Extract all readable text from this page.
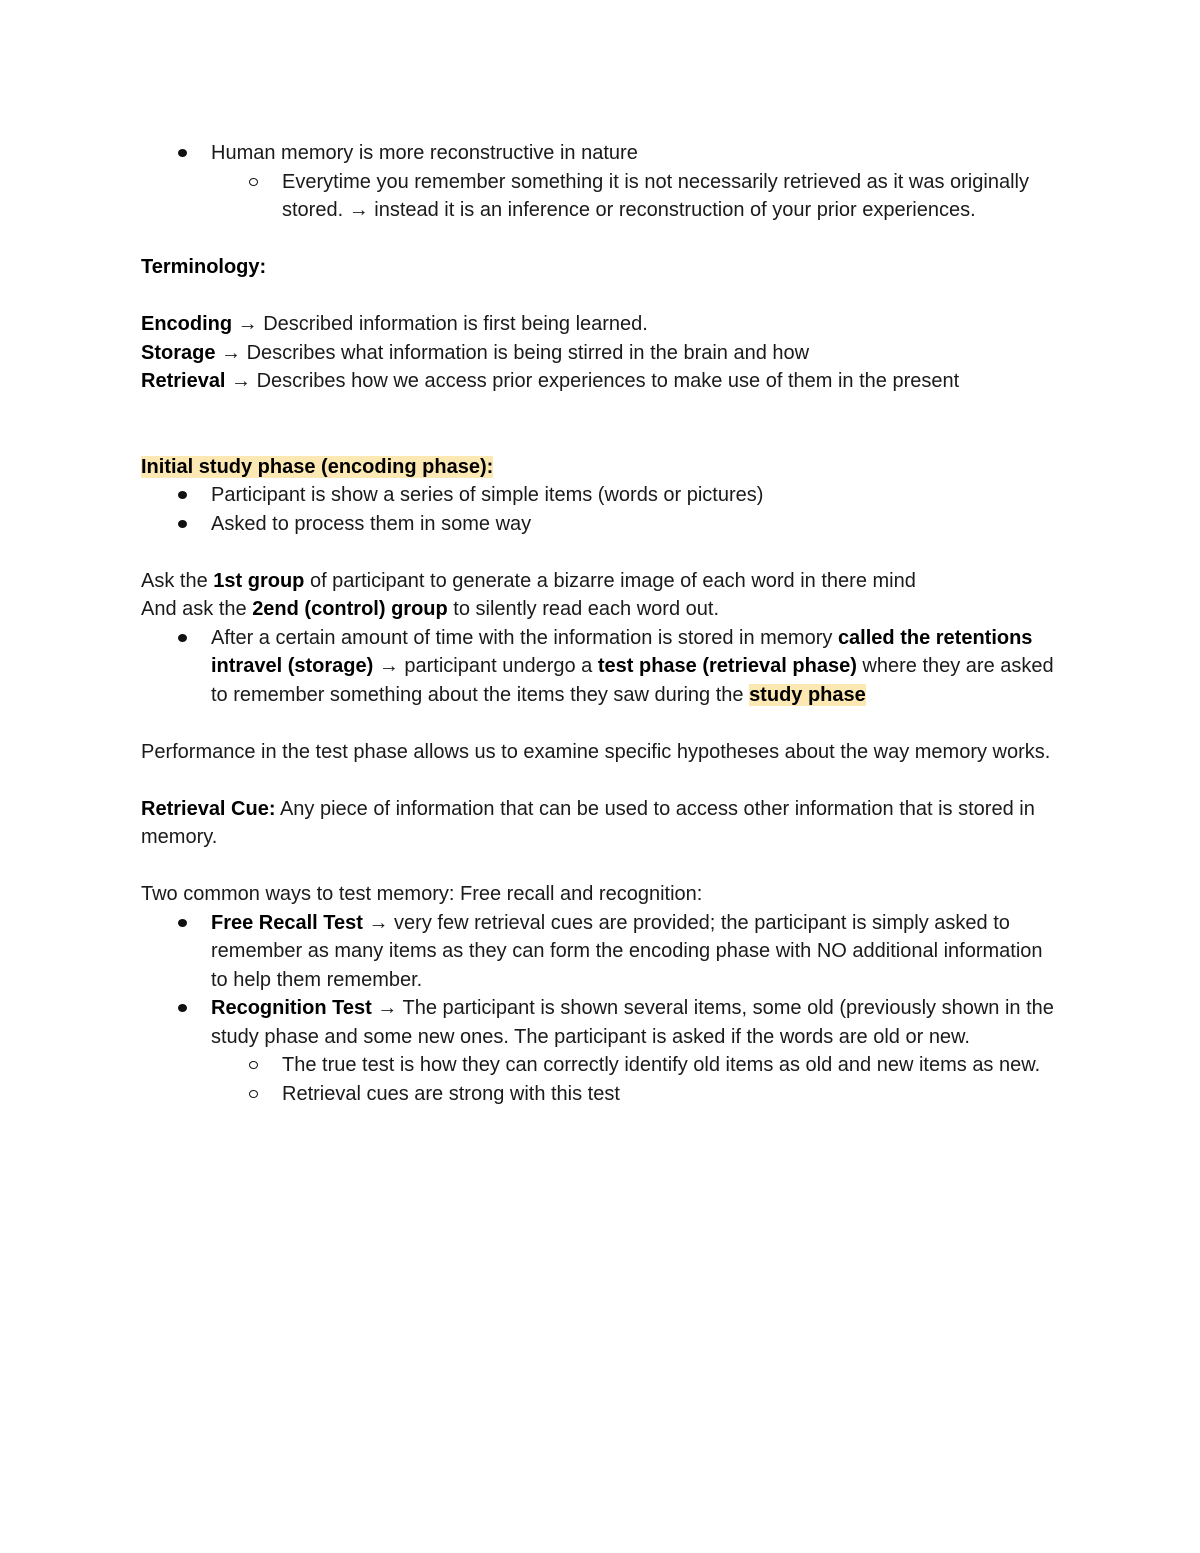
Human memory is more reconstructive in nature
Everytime you remember something it is not necessarily retrieved as it was originally stored. → instead it is an inference or reconstruction of your prior experiences.

Terminology:

Encoding → Described information is first being learned.

Storage → Describes what information is being stirred in the brain and how

Retrieval → Describes how we access prior experiences to make use of them in the present

Initial study phase (encoding phase):

Participant is show a series of simple items (words or pictures)
Asked to process them in some way

Ask the 1st group of participant to generate a bizarre image of each word in there mind

And ask the 2end (control) group to silently read each word out.

After a certain amount of time with the information is stored in memory called the retentions intravel (storage) → participant undergo a test phase (retrieval phase) where they are asked to remember something about the items they saw during the study phase

Performance in the test phase allows us to examine specific hypotheses about the way memory works.

Retrieval Cue: Any piece of information that can be used to access other information that is stored in memory.

Two common ways to test memory: Free recall and recognition:

Free Recall Test → very few retrieval cues are provided; the participant is simply asked to remember as many items as they can form the encoding phase with NO additional information to help them remember.
Recognition Test → The participant is shown several items, some old (previously shown in the study phase and some new ones. The participant is asked if the words are old or new.
The true test is how they can correctly identify old items as old and new items as new.
Retrieval cues are strong with this test
